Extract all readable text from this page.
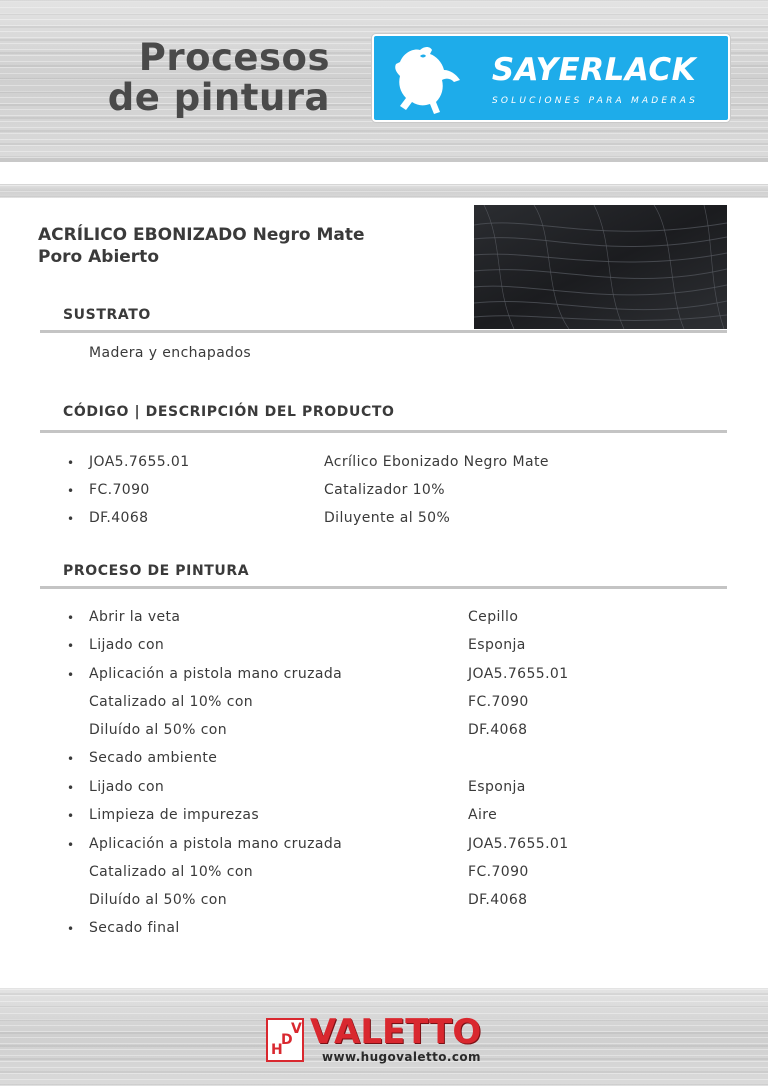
Procesos
de pintura
SAYERLACK
SOLUCIONES PARA MADERAS
ACRÍLICO EBONIZADO Negro Mate
Poro Abierto
SUSTRATO
Madera y enchapados
CÓDIGO | DESCRIPCIÓN DEL PRODUCTO
• JOA5.7655.01	Acrílico Ebonizado Negro Mate
• FC.7090	Catalizador 10%
• DF.4068	Diluyente al 50%
PROCESO DE PINTURA
• Abrir la veta	Cepillo
• Lijado con	Esponja
• Aplicación a pistola mano cruzada	JOA5.7655.01
Catalizado al 10% con	FC.7090
Diluído al 50% con	DF.4068
• Secado ambiente
• Lijado con	Esponja
• Limpieza de impurezas	Aire
• Aplicación a pistola mano cruzada	JOA5.7655.01
Catalizado al 10% con	FC.7090
Diluído al 50% con	DF.4068
• Secado final
H
D
V VALETTO
www.hugovaletto.com
